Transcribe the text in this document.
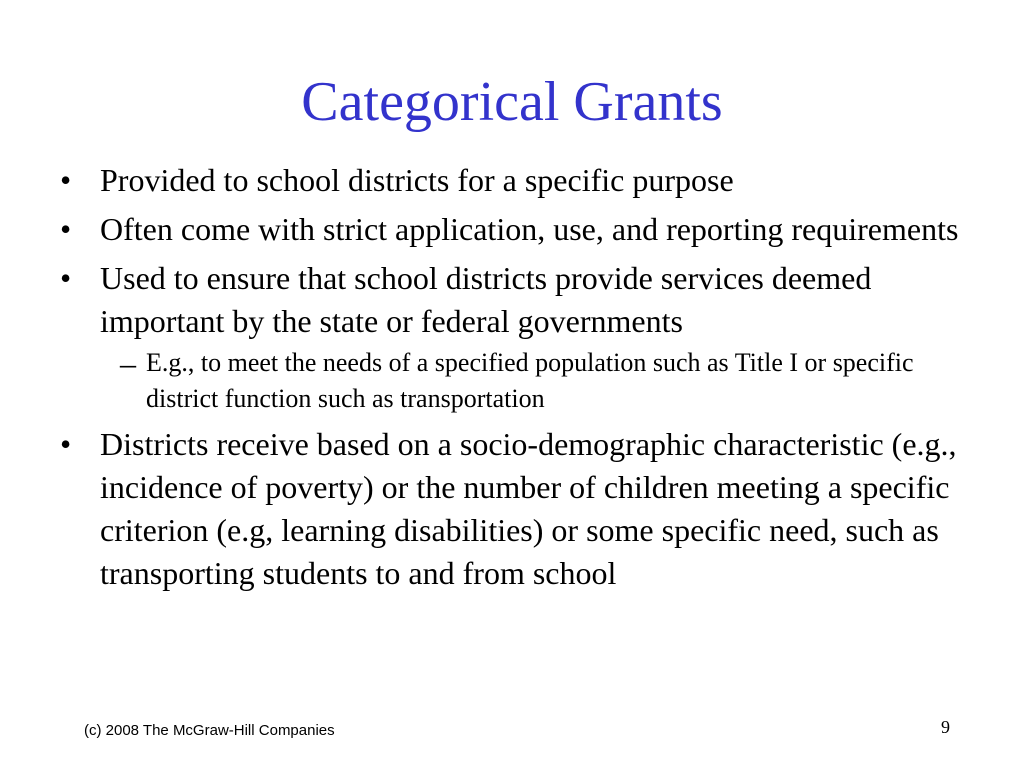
Categorical Grants
• Provided to school districts for a specific purpose
• Often come with strict application, use, and reporting requirements
• Used to ensure that school districts provide services deemed important by the state or federal governments
– E.g., to meet the needs of a specified population such as Title I or specific district function such as transportation
• Districts receive based on a socio-demographic characteristic (e.g., incidence of poverty) or the number of children meeting a specific criterion (e.g, learning disabilities) or some specific need, such as transporting students to and from school
(c) 2008 The McGraw-Hill Companies	9
